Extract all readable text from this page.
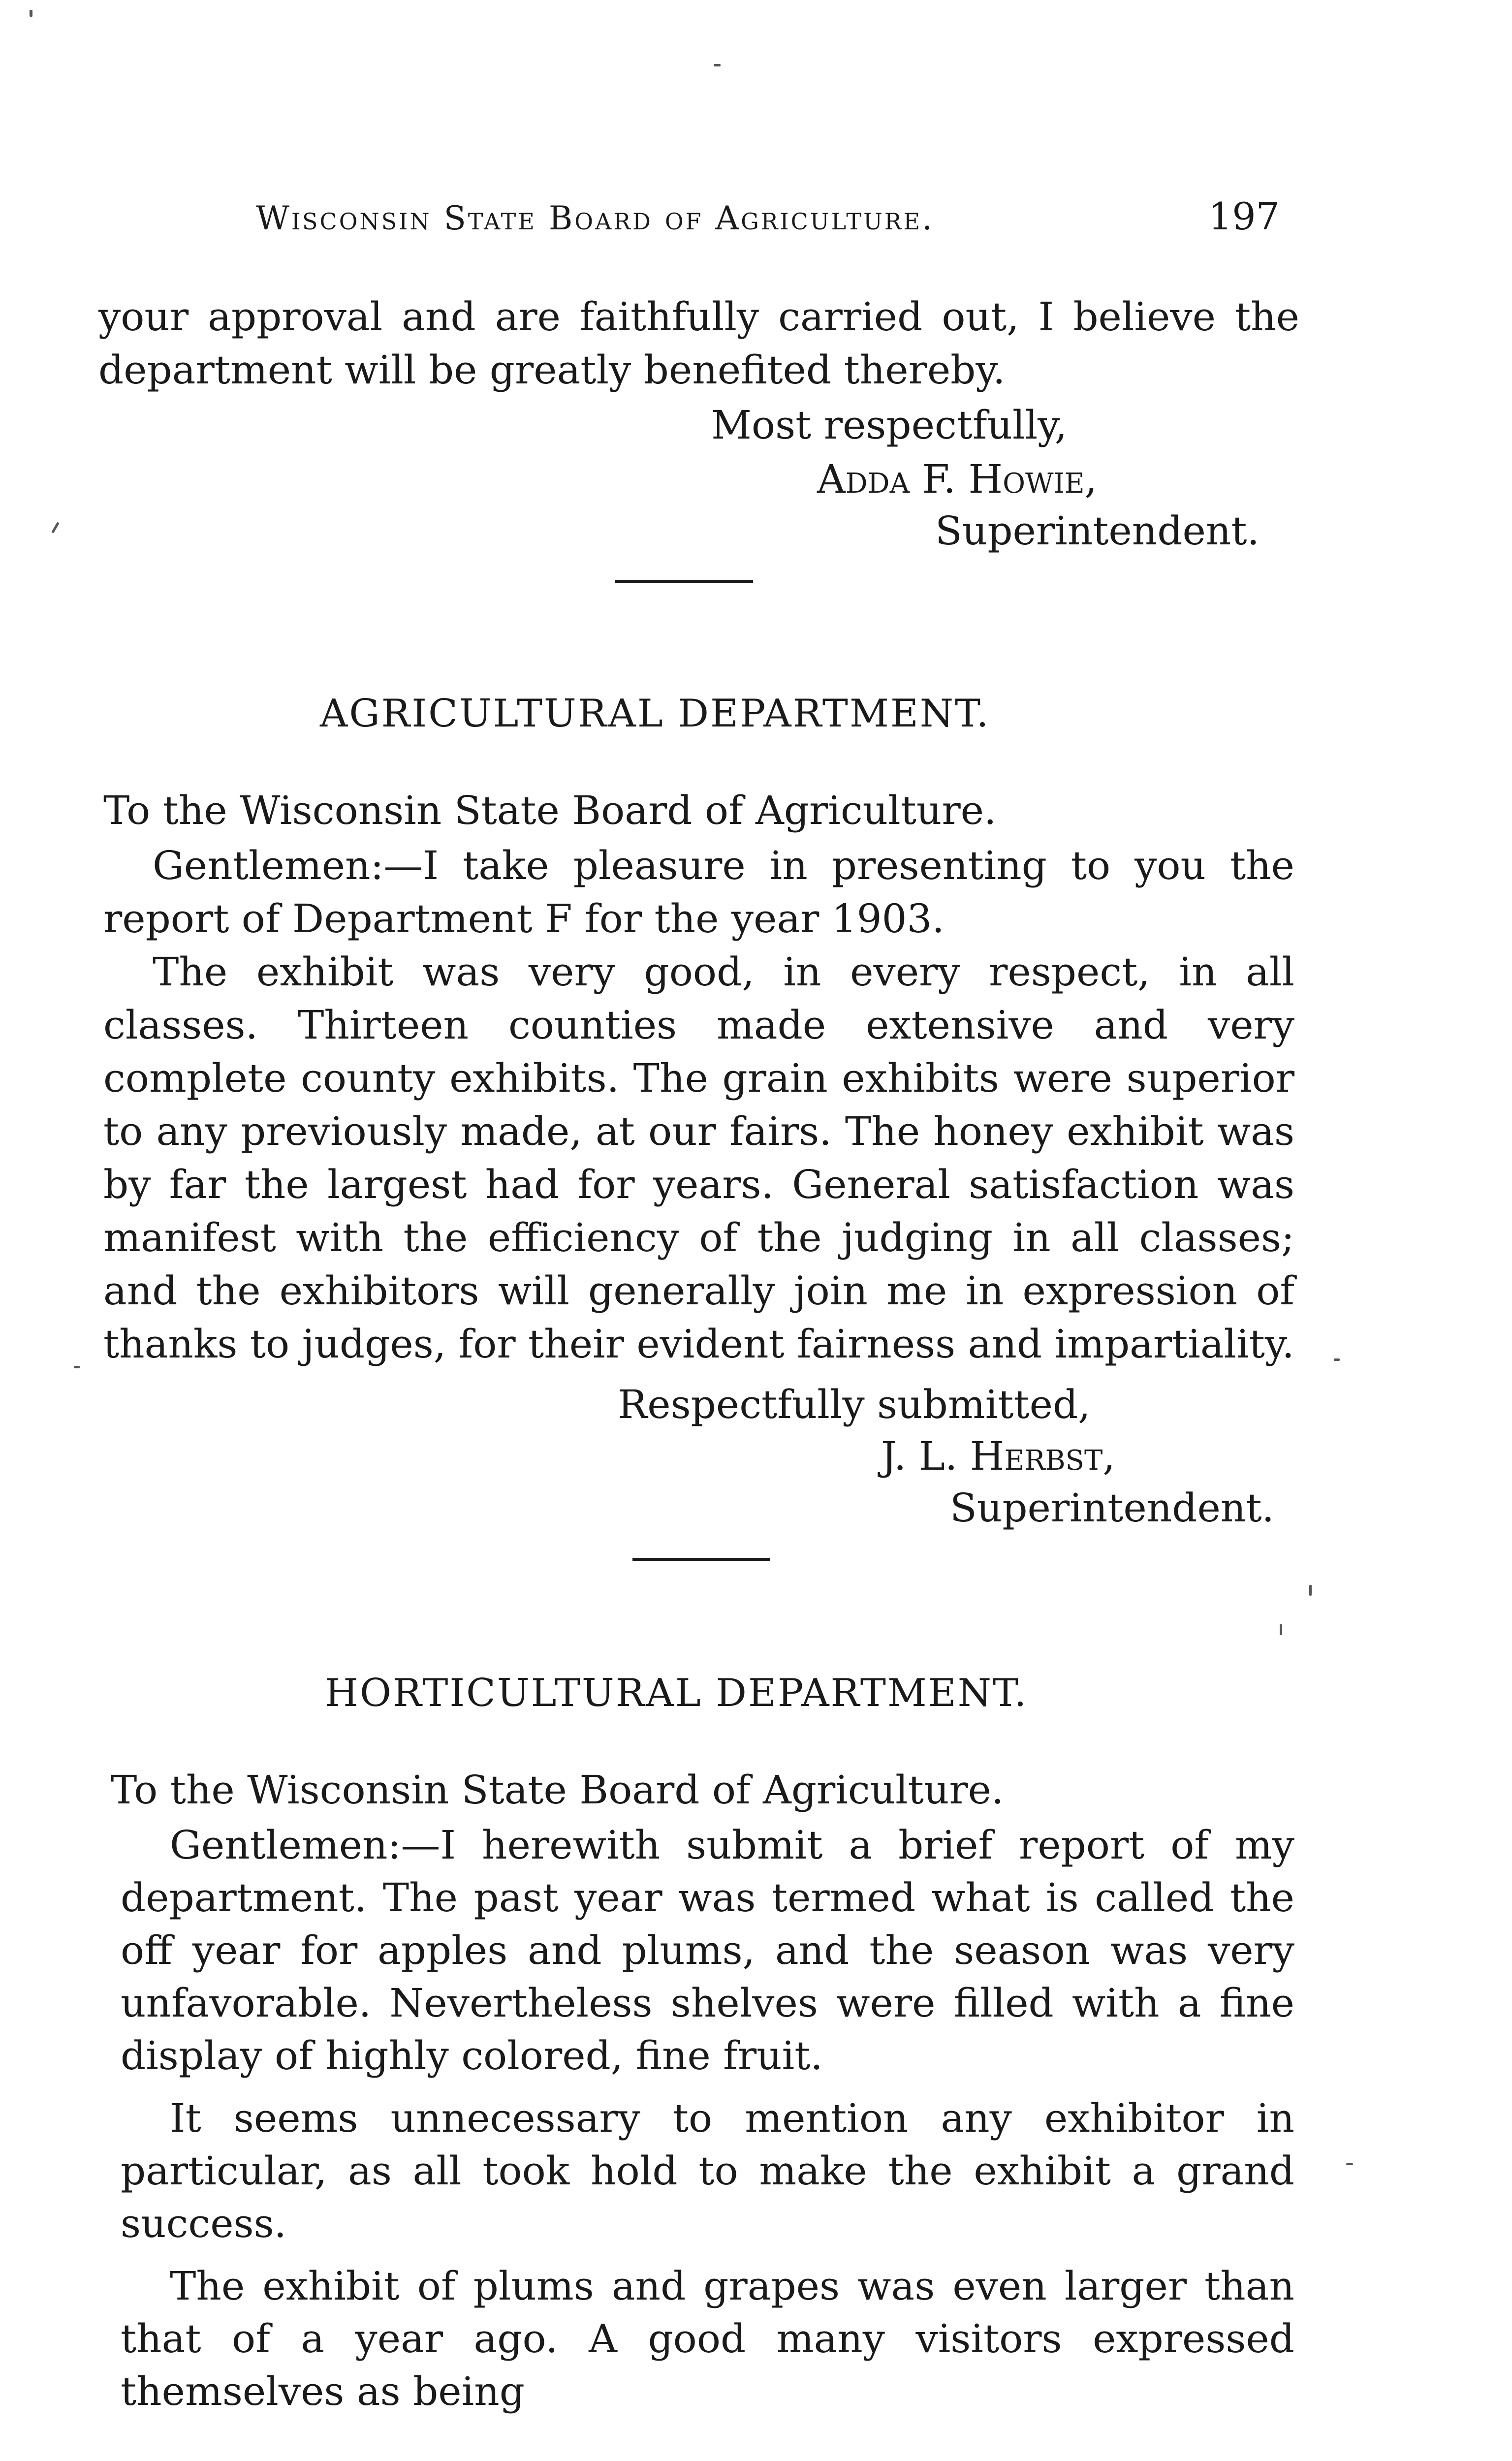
Wisconsin State Board of Agriculture.	197

your approval and are faithfully carried out, I believe the department will be greatly benefited thereby.

Most respectfully,
Adda F. Howie,
Superintendent.
AGRICULTURAL DEPARTMENT.
To the Wisconsin State Board of Agriculture.

Gentlemen:—I take pleasure in presenting to you the report of Department F for the year 1903.

The exhibit was very good, in every respect, in all classes. Thirteen counties made extensive and very complete county exhibits. The grain exhibits were superior to any previously made, at our fairs. The honey exhibit was by far the largest had for years. General satisfaction was manifest with the efficiency of the judging in all classes; and the exhibitors will generally join me in expression of thanks to judges, for their evident fairness and impartiality.

Respectfully submitted,
J. L. Herbst,
Superintendent.
HORTICULTURAL DEPARTMENT.
To the Wisconsin State Board of Agriculture.

Gentlemen:—I herewith submit a brief report of my department. The past year was termed what is called the off year for apples and plums, and the season was very unfavorable. Nevertheless shelves were filled with a fine display of highly colored, fine fruit.

It seems unnecessary to mention any exhibitor in particular, as all took hold to make the exhibit a grand success.

The exhibit of plums and grapes was even larger than that of a year ago. A good many visitors expressed themselves as being
